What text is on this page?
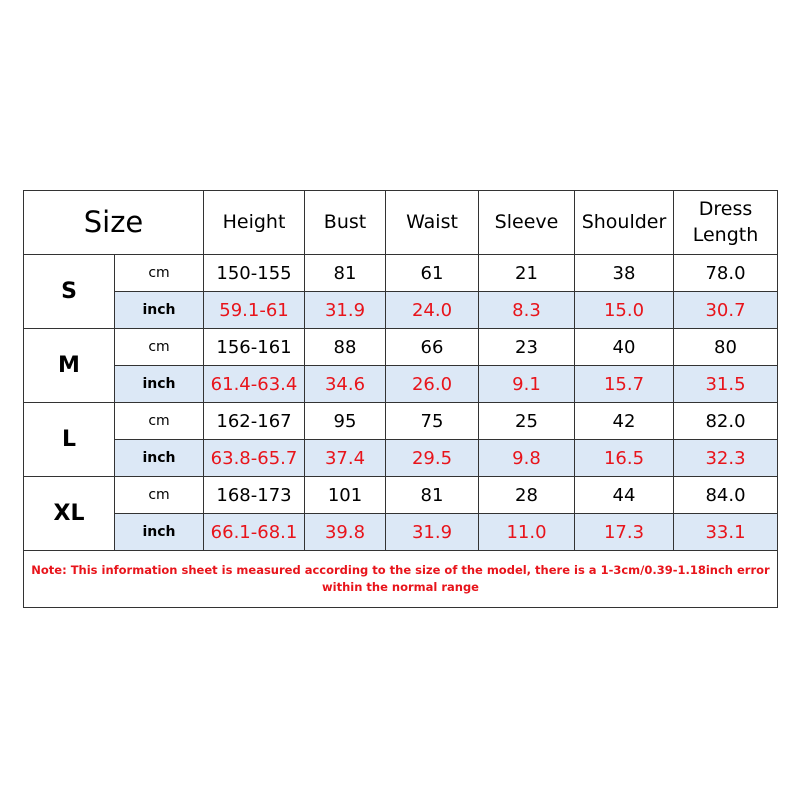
Size		Height	Bust	Waist	Sleeve	Shoulder	Dress Length
S	cm	150-155	81	61	21	38	78.0
	inch	59.1-61	31.9	24.0	8.3	15.0	30.7
M	cm	156-161	88	66	23	40	80
	inch	61.4-63.4	34.6	26.0	9.1	15.7	31.5
L	cm	162-167	95	75	25	42	82.0
	inch	63.8-65.7	37.4	29.5	9.8	16.5	32.3
XL	cm	168-173	101	81	28	44	84.0
	inch	66.1-68.1	39.8	31.9	11.0	17.3	33.1
Note: This information sheet is measured according to the size of the model, there is a 1-3cm/0.39-1.18inch error within the normal range							
